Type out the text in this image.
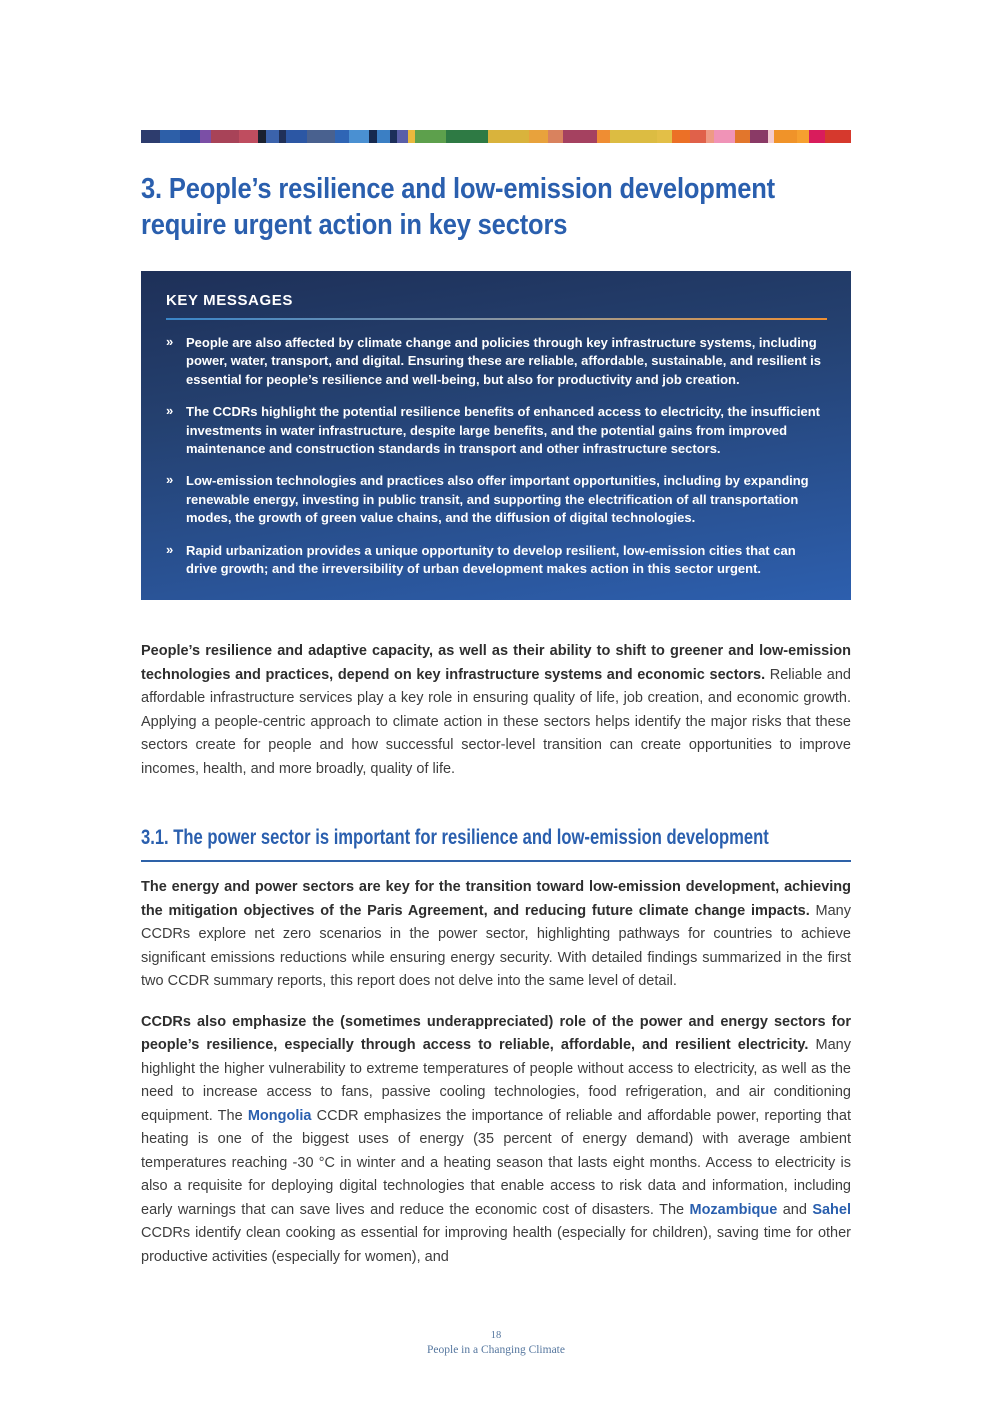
3. People’s resilience and low-emission development require urgent action in key sectors
KEY MESSAGES
» People are also affected by climate change and policies through key infrastructure systems, including power, water, transport, and digital. Ensuring these are reliable, affordable, sustainable, and resilient is essential for people’s resilience and well-being, but also for productivity and job creation.
» The CCDRs highlight the potential resilience benefits of enhanced access to electricity, the insufficient investments in water infrastructure, despite large benefits, and the potential gains from improved maintenance and construction standards in transport and other infrastructure sectors.
» Low-emission technologies and practices also offer important opportunities, including by expanding renewable energy, investing in public transit, and supporting the electrification of all transportation modes, the growth of green value chains, and the diffusion of digital technologies.
» Rapid urbanization provides a unique opportunity to develop resilient, low-emission cities that can drive growth; and the irreversibility of urban development makes action in this sector urgent.

People’s resilience and adaptive capacity, as well as their ability to shift to greener and low-emission technologies and practices, depend on key infrastructure systems and economic sectors. Reliable and affordable infrastructure services play a key role in ensuring quality of life, job creation, and economic growth. Applying a people-centric approach to climate action in these sectors helps identify the major risks that these sectors create for people and how successful sector-level transition can create opportunities to improve incomes, health, and more broadly, quality of life.

3.1. The power sector is important for resilience and low-emission development

The energy and power sectors are key for the transition toward low-emission development, achieving the mitigation objectives of the Paris Agreement, and reducing future climate change impacts. Many CCDRs explore net zero scenarios in the power sector, highlighting pathways for countries to achieve significant emissions reductions while ensuring energy security. With detailed findings summarized in the first two CCDR summary reports, this report does not delve into the same level of detail.

CCDRs also emphasize the (sometimes underappreciated) role of the power and energy sectors for people’s resilience, especially through access to reliable, affordable, and resilient electricity. Many highlight the higher vulnerability to extreme temperatures of people without access to electricity, as well as the need to increase access to fans, passive cooling technologies, food refrigeration, and air conditioning equipment. The Mongolia CCDR emphasizes the importance of reliable and affordable power, reporting that heating is one of the biggest uses of energy (35 percent of energy demand) with average ambient temperatures reaching -30 °C in winter and a heating season that lasts eight months. Access to electricity is also a requisite for deploying digital technologies that enable access to risk data and information, including early warnings that can save lives and reduce the economic cost of disasters. The Mozambique and Sahel CCDRs identify clean cooking as essential for improving health (especially for children), saving time for other productive activities (especially for women), and

18
People in a Changing Climate
